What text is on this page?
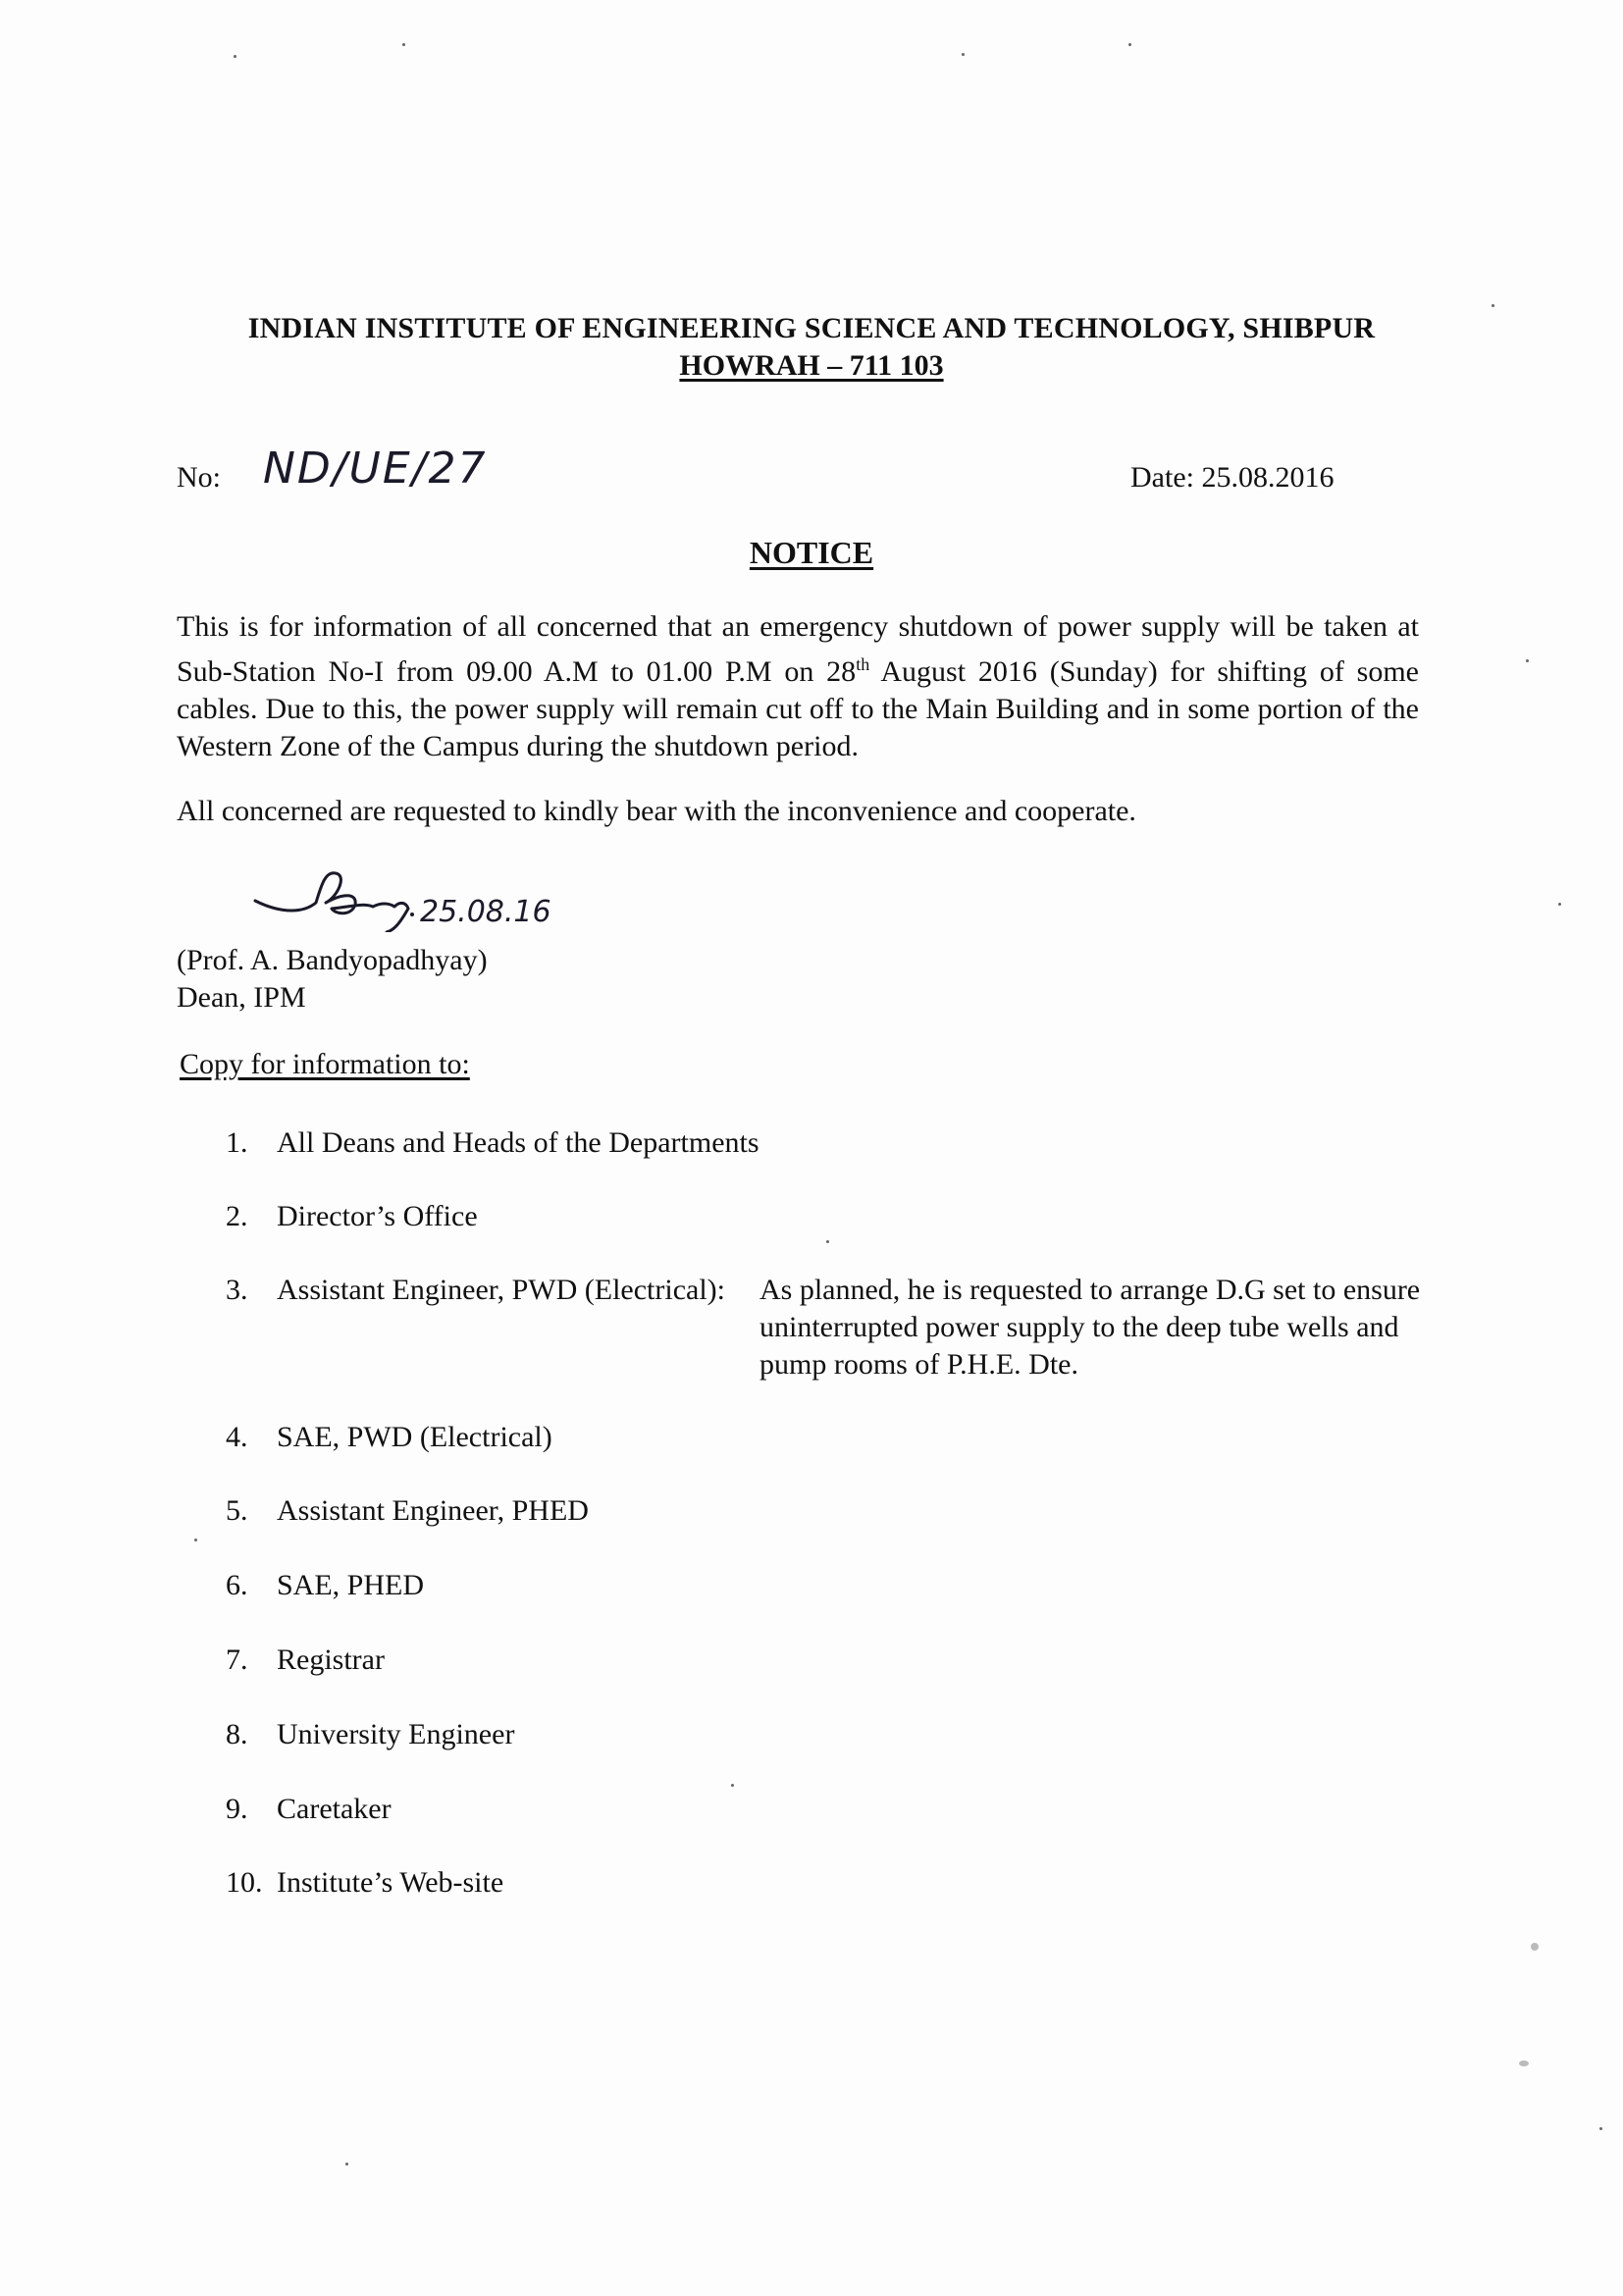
INDIAN INSTITUTE OF ENGINEERING SCIENCE AND TECHNOLOGY, SHIBPUR
HOWRAH – 711 103
No: ND/UE/27	Date: 25.08.2016
NOTICE
This is for information of all concerned that an emergency shutdown of power supply will be taken at Sub-Station No-I from 09.00 A.M to 01.00 P.M on 28th August 2016 (Sunday) for shifting of some cables. Due to this, the power supply will remain cut off to the Main Building and in some portion of the Western Zone of the Campus during the shutdown period.
All concerned are requested to kindly bear with the inconvenience and cooperate.
25.08.16
(Prof. A. Bandyopadhyay)
Dean, IPM
Copy for information to:
1. All Deans and Heads of the Departments
2. Director’s Office
3. Assistant Engineer, PWD (Electrical): As planned, he is requested to arrange D.G set to ensure uninterrupted power supply to the deep tube wells and pump rooms of P.H.E. Dte.
4. SAE, PWD (Electrical)
5. Assistant Engineer, PHED
6. SAE, PHED
7. Registrar
8. University Engineer
9. Caretaker
10. Institute’s Web-site
